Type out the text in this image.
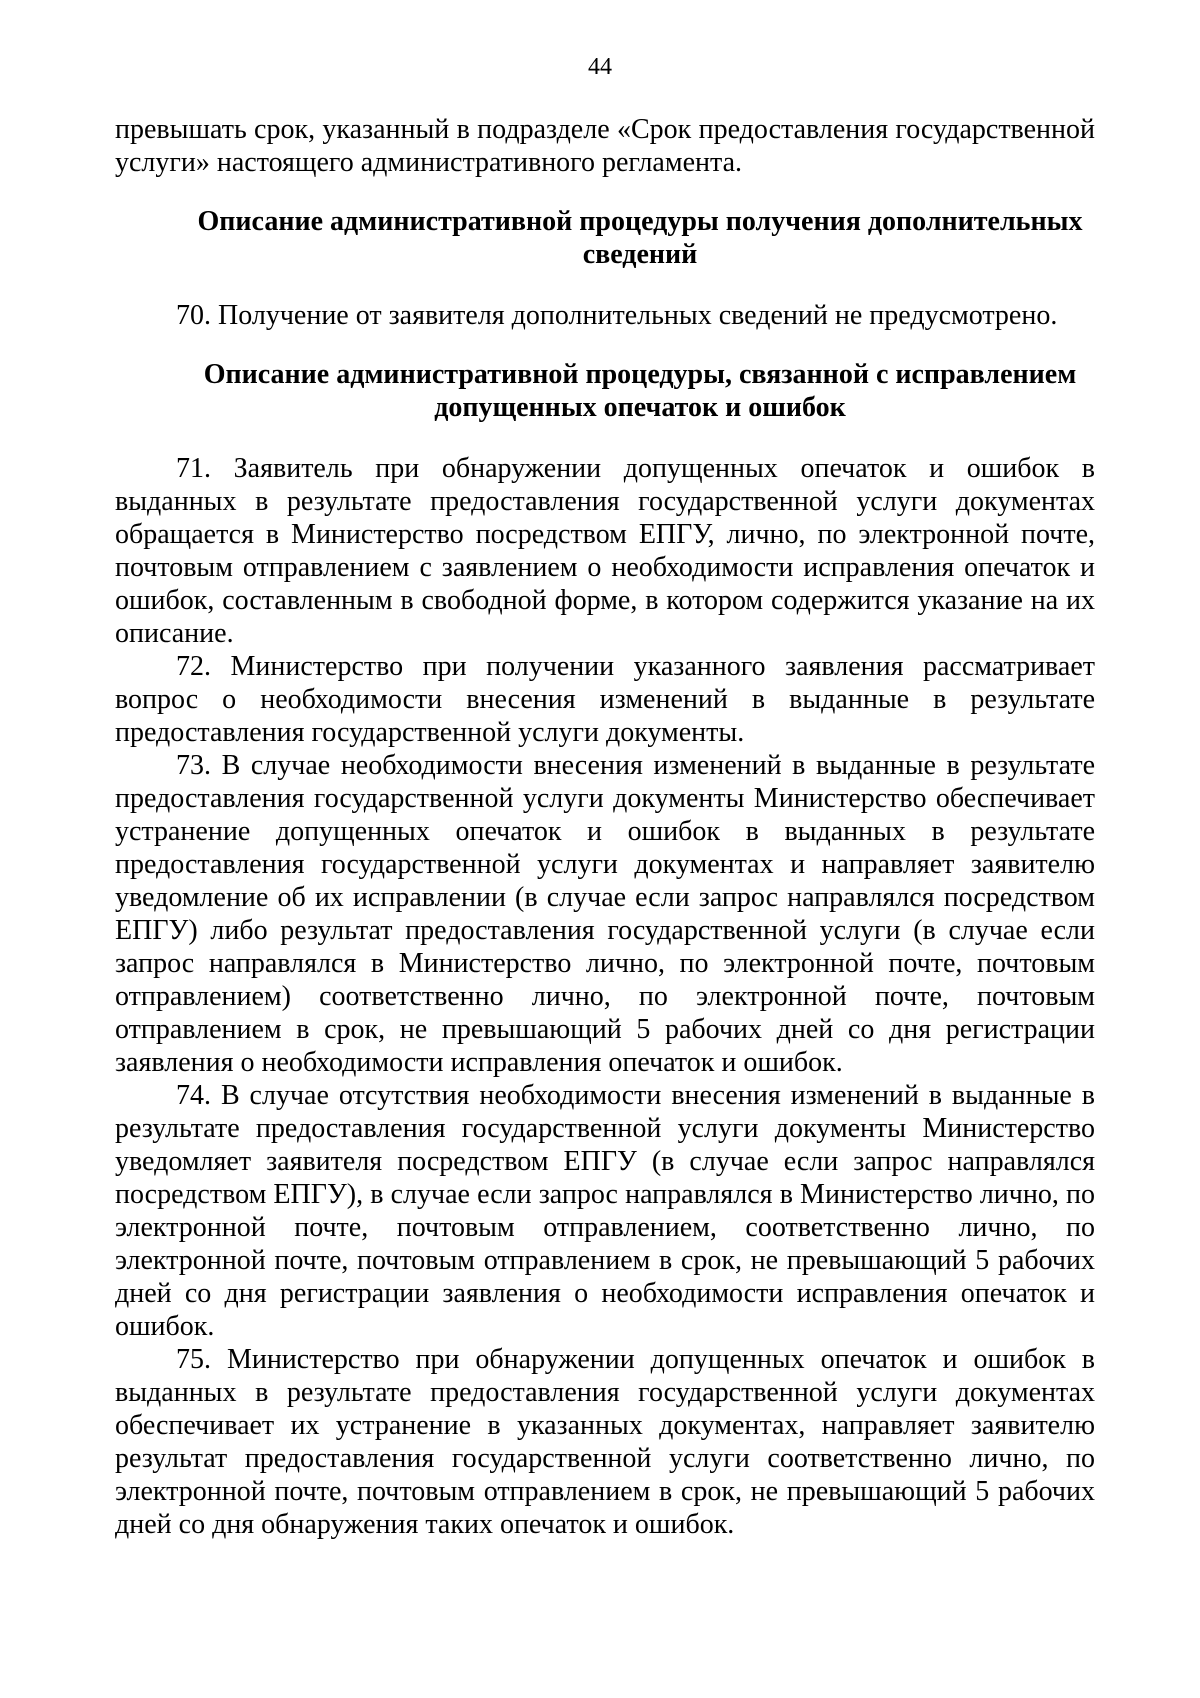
44

превышать срок, указанный в подразделе «Срок предоставления государственной услуги» настоящего административного регламента.

Описание административной процедуры получения дополнительных сведений

70. Получение от заявителя дополнительных сведений не предусмотрено.

Описание административной процедуры, связанной с исправлением допущенных опечаток и ошибок

71. Заявитель при обнаружении допущенных опечаток и ошибок в выданных в результате предоставления государственной услуги документах обращается в Министерство посредством ЕПГУ, лично, по электронной почте, почтовым отправлением с заявлением о необходимости исправления опечаток и ошибок, составленным в свободной форме, в котором содержится указание на их описание.

72. Министерство при получении указанного заявления рассматривает вопрос о необходимости внесения изменений в выданные в результате предоставления государственной услуги документы.

73. В случае необходимости внесения изменений в выданные в результате предоставления государственной услуги документы Министерство обеспечивает устранение допущенных опечаток и ошибок в выданных в результате предоставления государственной услуги документах и направляет заявителю уведомление об их исправлении (в случае если запрос направлялся посредством ЕПГУ) либо результат предоставления государственной услуги (в случае если запрос направлялся в Министерство лично, по электронной почте, почтовым отправлением) соответственно лично, по электронной почте, почтовым отправлением в срок, не превышающий 5 рабочих дней со дня регистрации заявления о необходимости исправления опечаток и ошибок.

74. В случае отсутствия необходимости внесения изменений в выданные в результате предоставления государственной услуги документы Министерство уведомляет заявителя посредством ЕПГУ (в случае если запрос направлялся посредством ЕПГУ), в случае если запрос направлялся в Министерство лично, по электронной почте, почтовым отправлением, соответственно лично, по электронной почте, почтовым отправлением в срок, не превышающий 5 рабочих дней со дня регистрации заявления о необходимости исправления опечаток и ошибок.

75. Министерство при обнаружении допущенных опечаток и ошибок в выданных в результате предоставления государственной услуги документах обеспечивает их устранение в указанных документах, направляет заявителю результат предоставления государственной услуги соответственно лично, по электронной почте, почтовым отправлением в срок, не превышающий 5 рабочих дней со дня обнаружения таких опечаток и ошибок.
